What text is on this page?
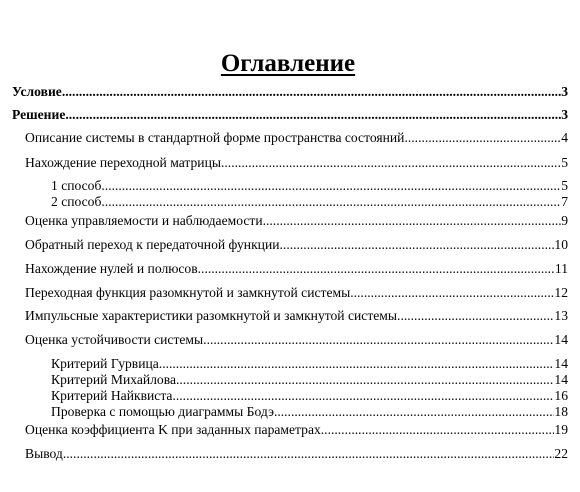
Оглавление
Условие .....	3
Решение .....	3
Описание системы в стандартной форме пространства состояний .....	4
Нахождение переходной матрицы .....	5
1 способ .....	5
2 способ .....	7
Оценка управляемости и наблюдаемости .....	9
Обратный переход к передаточной функции .....	10
Нахождение нулей и полюсов .....	11
Переходная функция разомкнутой и замкнутой системы .....	12
Импульсные характеристики разомкнутой и замкнутой системы .....	13
Оценка устойчивости системы .....	14
Критерий Гурвица .....	14
Критерий Михайлова .....	14
Критерий Найквиста .....	16
Проверка с помощью диаграммы Бодэ .....	18
Оценка коэффициента K при заданных параметрах .....	19
Вывод .....	22
